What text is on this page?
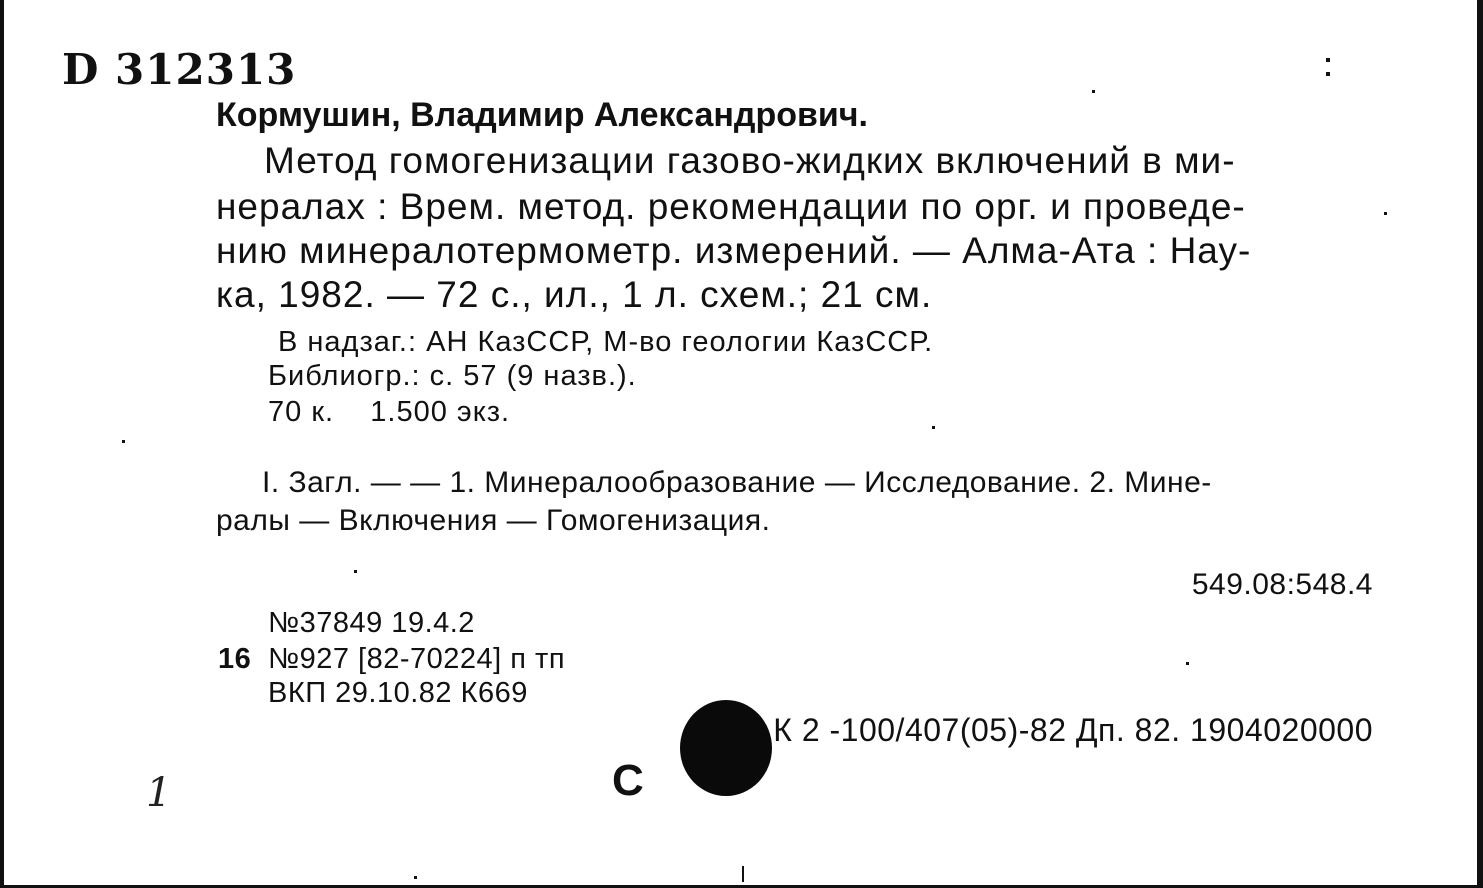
D 312313
Кормушин, Владимир Александрович.
Метод гомогенизации газово-жидких включений в ми-
нералах : Врем. метод. рекомендации по орг. и проведе-
нию минералотермометр. измерений. — Алма-Ата : Нау-
ка, 1982. — 72 с., ил., 1 л. схем.; 21 см.
В надзаг.: АН КазССР, М-во геологии КазССР.
Библиогр.: с. 57 (9 назв.).
70 к.    1.500 экз.
I. Загл. — — 1. Минералообразование — Исследование. 2. Мине-
ралы — Включения — Гомогенизация.
549.08:548.4
№37849 19.4.2
16 №927 [82-70224] п тп
ВКП 29.10.82 К669
К 2 -100/407(05)-82 Дп. 82. 1904020000
С
1
